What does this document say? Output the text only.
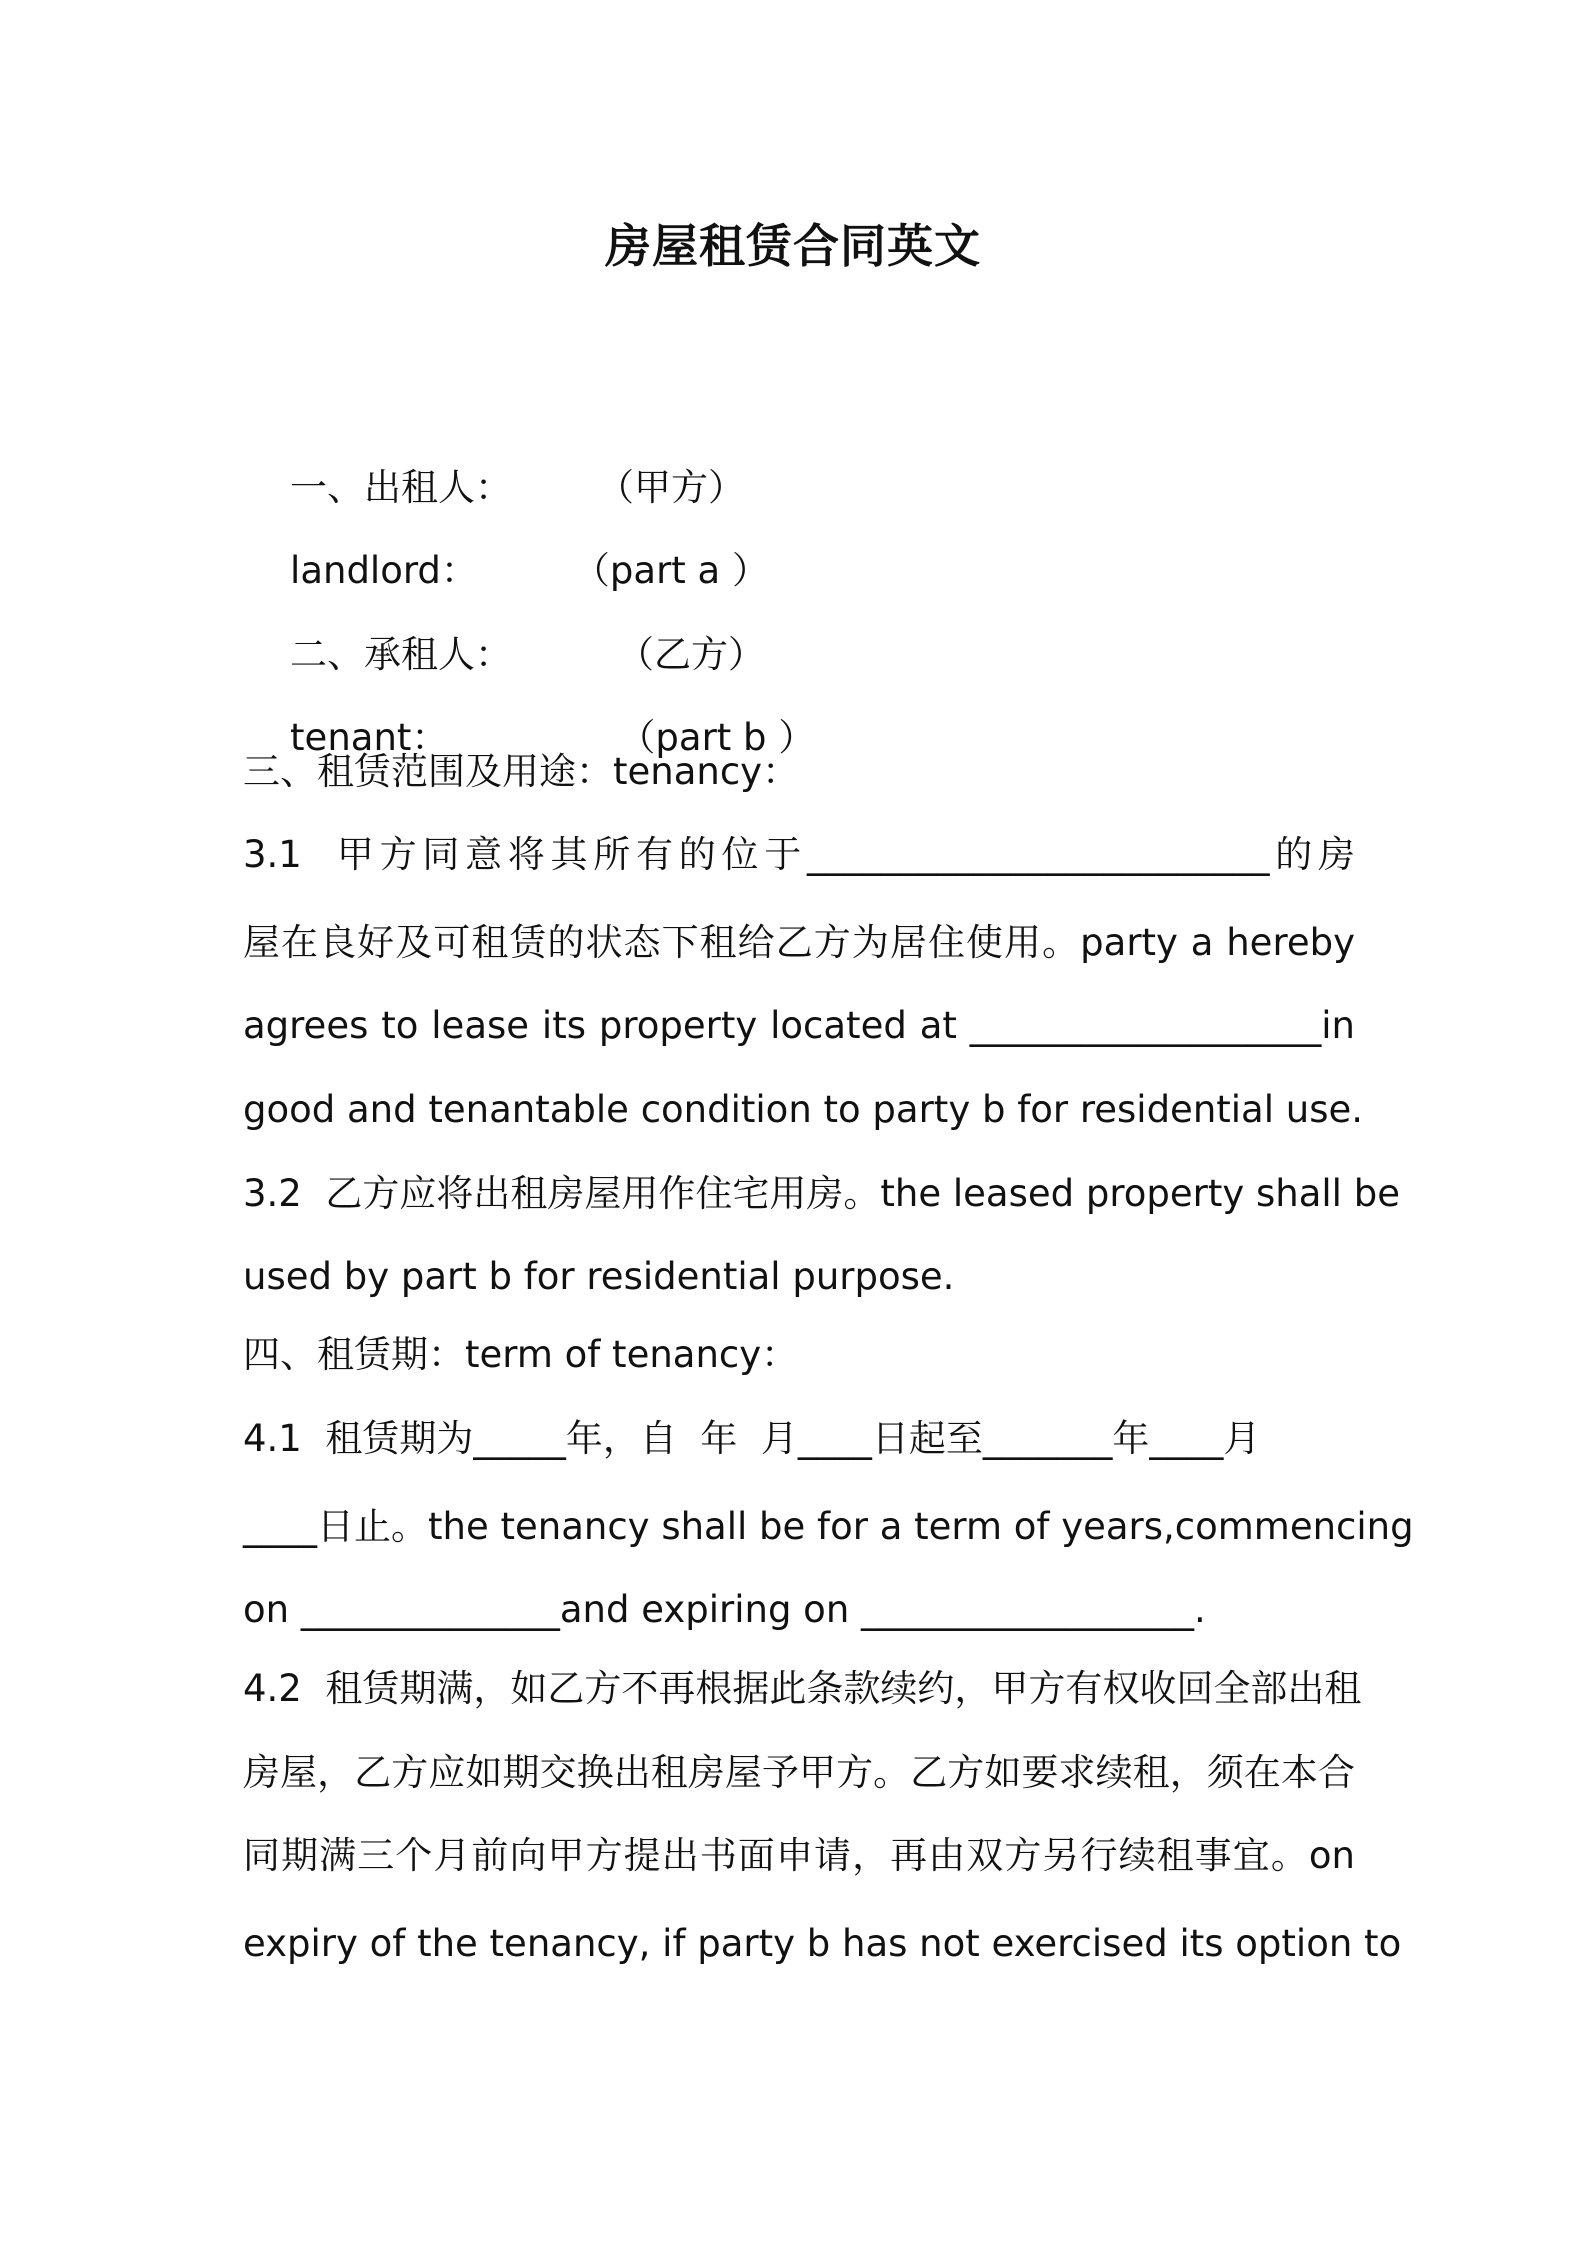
房屋租赁合同英文

一、出租人： （甲方）

landlord：	（part a ）

二、承租人：	（乙方）

tenant：	（part b ）

三、租赁范围及用途：tenancy：
3.1  甲方同意将其所有的位于_________________________的房
屋在良好及可租赁的状态下租给乙方为居住使用。party a hereby
agrees to lease its property located at ___________________in
good and tenantable condition to party b for residential use.
3.2  乙方应将出租房屋用作住宅用房。the leased property shall be
used by part b for residential purpose.
四、租赁期：term of tenancy：
4.1  租赁期为_____年，自  年  月____日起至_______年____月
____日止。the tenancy shall be for a term of years,commencing
on ______________and expiring on __________________.
4.2  租赁期满，如乙方不再根据此条款续约，甲方有权收回全部出租
房屋，乙方应如期交换出租房屋予甲方。乙方如要求续租，须在本合
同期满三个月前向甲方提出书面申请，再由双方另行续租事宜。on
expiry of the tenancy, if party b has not exercised its option to
